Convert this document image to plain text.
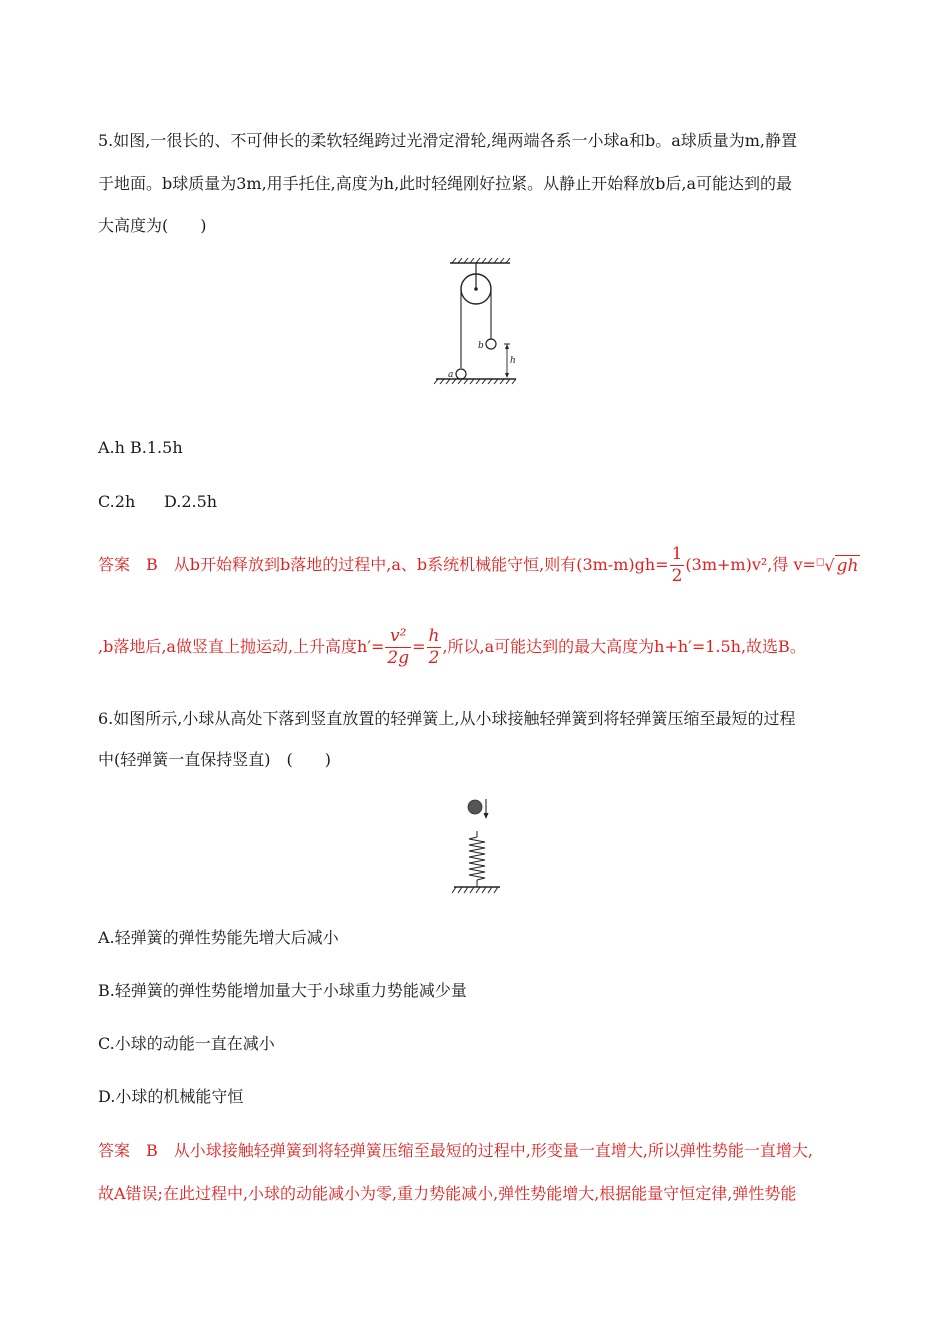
5.如图,一很长的、不可伸长的柔软轻绳跨过光滑定滑轮,绳两端各系一小球a和b。a球质量为m,静置
于地面。b球质量为3m,用手托住,高度为h,此时轻绳刚好拉紧。从静止开始释放b后,a可能达到的最
大高度为(　　)
b
a
h
A.h B.1.5h
C.2h D.2.5h
答案　B　从b开始释放到b落地的过程中,a、b系统机械能守恒,则有$(3m-m)gh= \frac{1}{2} (3m+m)v^2$,得 v=□√ gh
,b落地后,a做竖直上抛运动,上升高度$h'= \frac{\text{v²}}{2g} = \frac{h}{2}$ ,所以,a可能达到的最大高度为h+h′=1.5h,故选B。
6.如图所示,小球从高处下落到竖直放置的轻弹簧上,从小球接触轻弹簧到将轻弹簧压缩至最短的过程
中(轻弹簧一直保持竖直)　(　　)
A.轻弹簧的弹性势能先增大后减小
B.轻弹簧的弹性势能增加量大于小球重力势能减少量
C.小球的动能一直在减小
D.小球的机械能守恒
答案　B　从小球接触轻弹簧到将轻弹簧压缩至最短的过程中,形变量一直增大,所以弹性势能一直增大,
故A错误;在此过程中,小球的动能减小为零,重力势能减小,弹性势能增大,根据能量守恒定律,弹性势能
